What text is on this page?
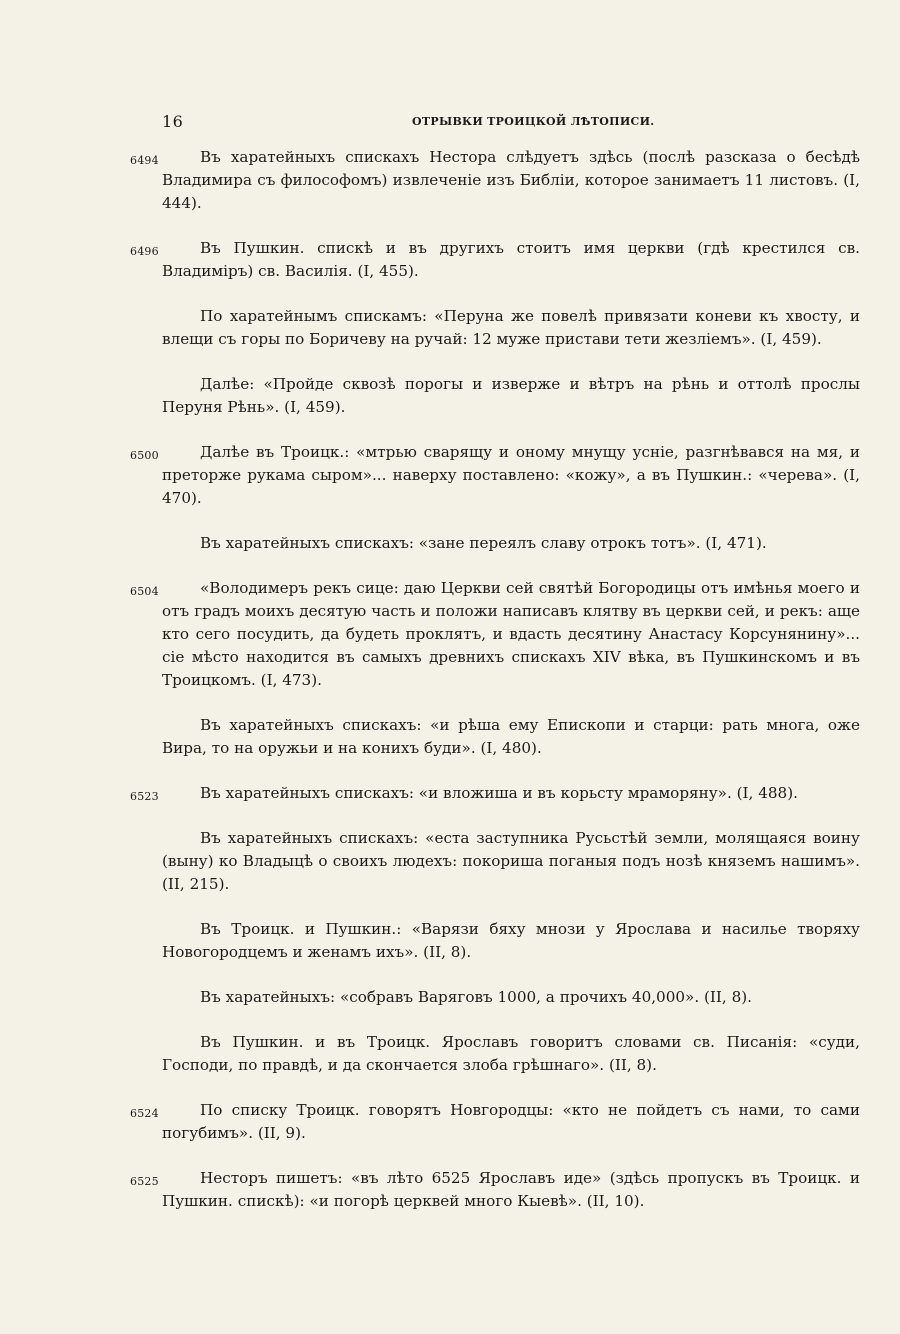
16	ОТРЫВКИ ТРОИЦКОЙ ЛѢТОПИСИ.
6494	Въ харатейныхъ спискахъ Нестора слѣдуетъ здѣсь (послѣ разсказа о бесѣдѣ Владимира съ философомъ) извлеченіе изъ Библіи, которое занимаетъ 11 листовъ. (I, 444).
6496	Въ Пушкин. спискѣ и въ другихъ стоитъ имя церкви (гдѣ крестился св. Владиміръ) св. Василія. (I, 455).
По харатейнымъ спискамъ: «Перуна же повелѣ привязати коневи къ хвосту, и влещи съ горы по Боричеву на ручай: 12 муже пристави тети жезліемъ». (I, 459).
Далѣе: «Пройде сквозѣ порогы и изверже и вѣтръ на рѣнь и оттолѣ прослы Перуня Рѣнь». (I, 459).
6500	Далѣе въ Троицк.: «мтрью сварящу и оному мнущу усніе, разгнѣвався на мя, и преторже рукама сыром»... наверху поставлено: «кожу», а въ Пушкин.: «черева». (I, 470).
Въ харатейныхъ спискахъ: «зане переялъ славу отрокъ тотъ». (I, 471).
6504	«Володимеръ рекъ сице: даю Церкви сей святѣй Богородицы отъ имѣнья моего и отъ градъ моихъ десятую часть и положи написавъ клятву въ церкви сей, и рекъ: аще кто сего посудить, да будеть проклятъ, и вдасть десятину Анастасу Корсунянину»... сіе мѣсто находится въ самыхъ древнихъ спискахъ XIV вѣка, въ Пушкинскомъ и въ Троицкомъ. (I, 473).
Въ харатейныхъ спискахъ: «и рѣша ему Епископи и старци: рать многа, оже Вира, то на оружьи и на конихъ буди». (I, 480).
6523	Въ харатейныхъ спискахъ: «и вложиша и въ корьсту мраморяну». (I, 488).
Въ харатейныхъ спискахъ: «еста заступника Русьстѣй земли, молящаяся воину (выну) ко Владыцѣ о своихъ людехъ: покориша поганыя подъ нозѣ княземъ нашимъ». (II, 215).
Въ Троицк. и Пушкин.: «Варязи бяху мнози у Ярослава и насилье творяху Новогородцемъ и женамъ ихъ». (II, 8).
Въ харатейныхъ: «собравъ Варяговъ 1000, а прочихъ 40,000». (II, 8).
Въ Пушкин. и въ Троицк. Ярославъ говоритъ словами св. Писанія: «суди, Господи, по правдѣ, и да скончается злоба грѣшнаго». (II, 8).
6524	По списку Троицк. говорятъ Новгородцы: «кто не пойдетъ съ нами, то сами погубимъ». (II, 9).
6525	Несторъ пишетъ: «въ лѣто 6525 Ярославъ иде» (здѣсь пропускъ въ Троицк. и Пушкин. спискѣ): «и погорѣ церквей много Кыевѣ». (II, 10).
